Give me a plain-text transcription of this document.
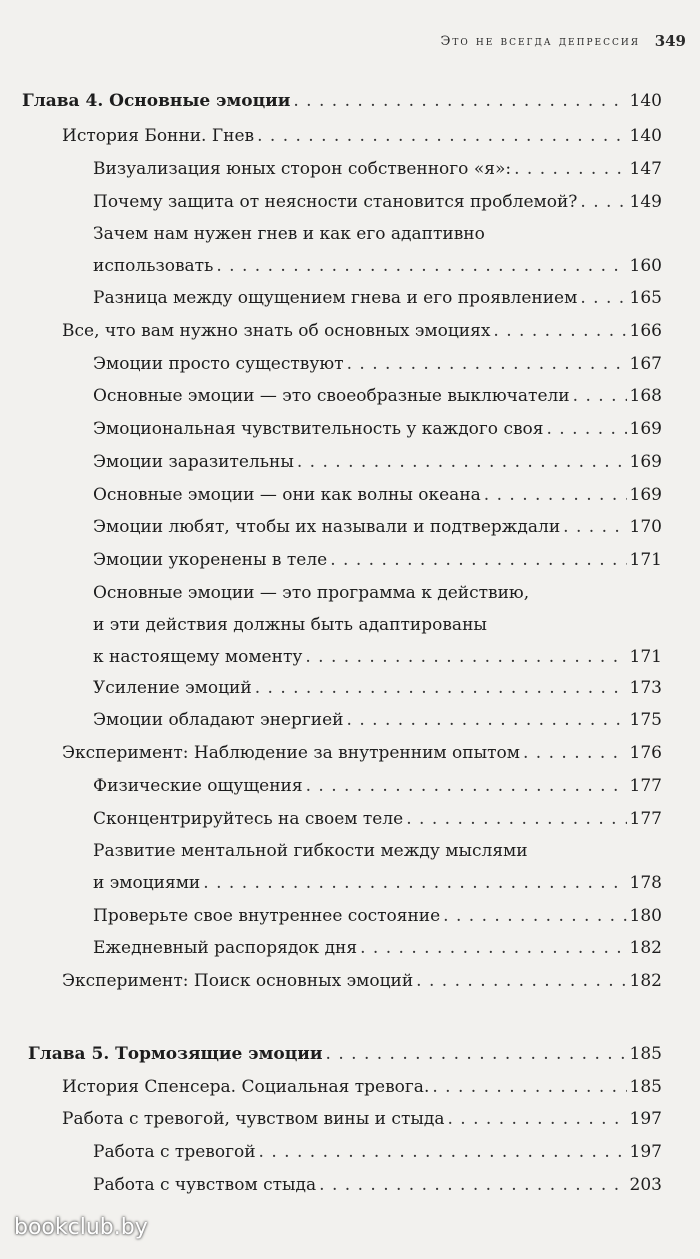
Это не всегда депрессия 349
Глава 4. Основные эмоции . . .	140
История Бонни. Гнев . . .	140
Визуализация юных сторон собственного «я»: . . .	147
Почему защита от неясности становится проблемой? . . .	149
Зачем нам нужен гнев и как его адаптивно
использовать . . .	160
Разница между ощущением гнева и его проявлением . . .	165
Все, что вам нужно знать об основных эмоциях . . .	166
Эмоции просто существуют . . .	167
Основные эмоции — это своеобразные выключатели . . .	168
Эмоциональная чувствительность у каждого своя . . .	169
Эмоции заразительны . . .	169
Основные эмоции — они как волны океана . . .	169
Эмоции любят, чтобы их называли и подтверждали . . .	170
Эмоции укоренены в теле . . .	171
Основные эмоции — это программа к действию,
и эти действия должны быть адаптированы
к настоящему моменту . . .	171
Усиление эмоций . . .	173
Эмоции обладают энергией . . .	175
Эксперимент: Наблюдение за внутренним опытом . . .	176
Физические ощущения . . .	177
Сконцентрируйтесь на своем теле . . .	177
Развитие ментальной гибкости между мыслями
и эмоциями . . .	178
Проверьте свое внутреннее состояние . . .	180
Ежедневный распорядок дня . . .	182
Эксперимент: Поиск основных эмоций . . .	182
Глава 5. Тормозящие эмоции . . .	185
История Спенсера. Социальная тревога. . . .	185
Работа с тревогой, чувством вины и стыда . . .	197
Работа с тревогой . . .	197
Работа с чувством стыда . . .	203
bookclub.by
